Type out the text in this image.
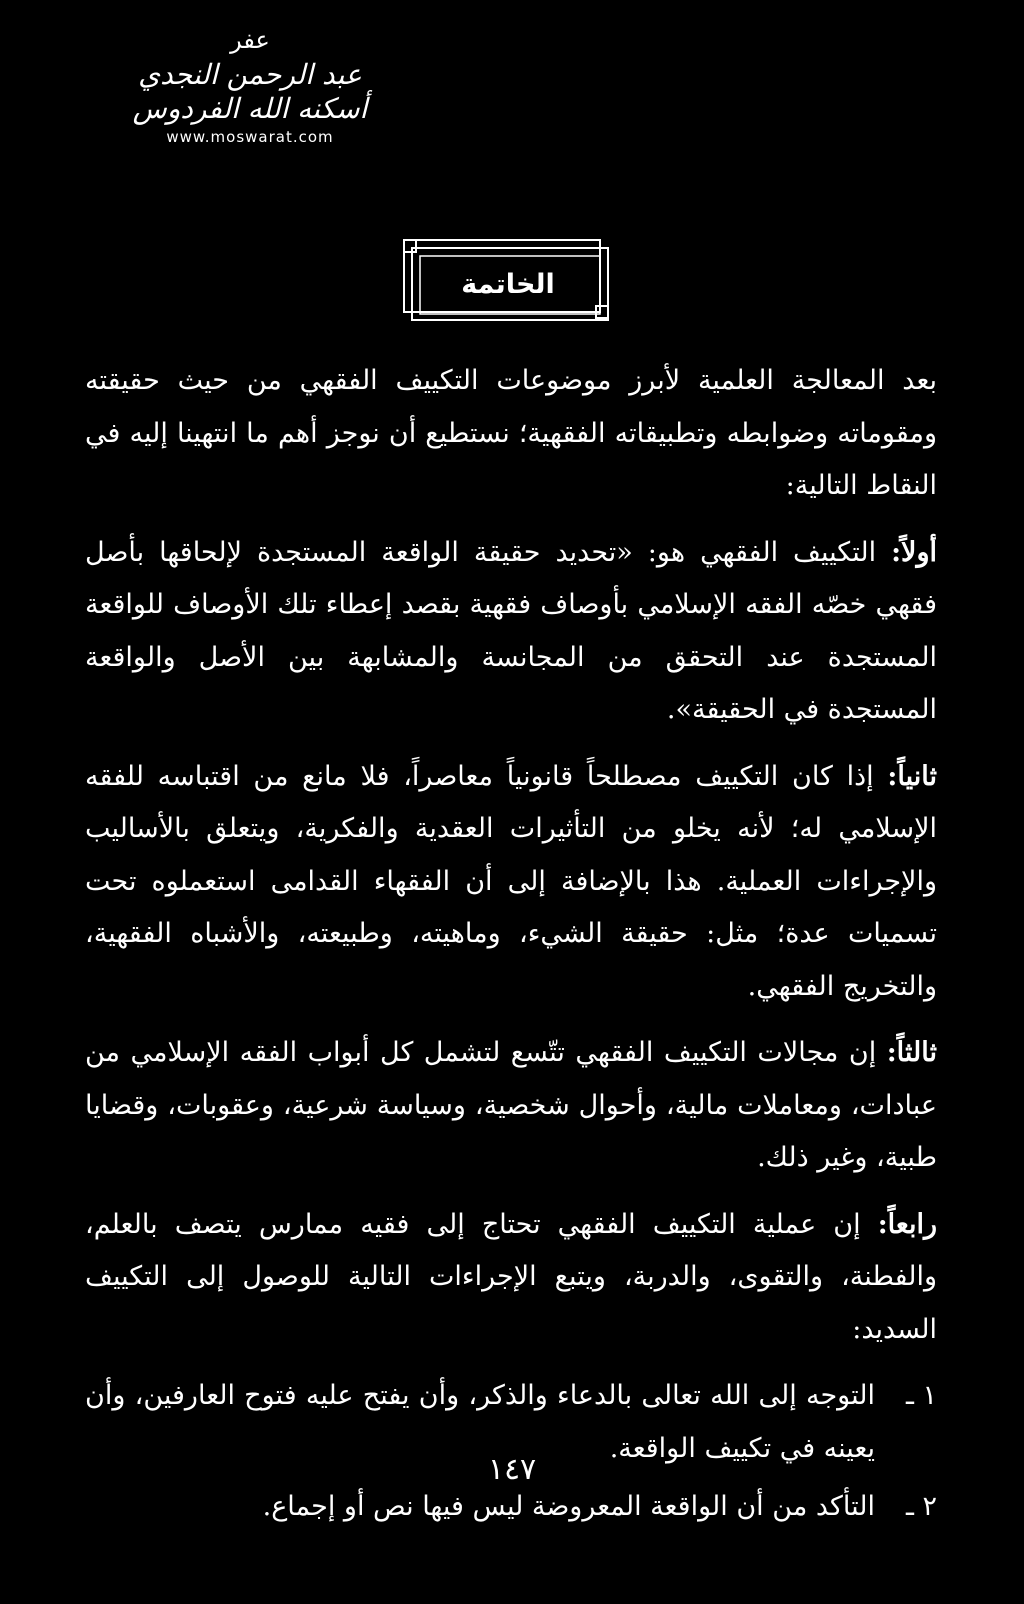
عفر
عبد الرحمن النجدي
أسكنه الله الفردوس
www.moswarat.com
الخاتمة

بعد المعالجة العلمية لأبرز موضوعات التكييف الفقهي من حيث حقيقته ومقوماته وضوابطه وتطبيقاته الفقهية؛ نستطيع أن نوجز أهم ما انتهينا إليه في النقاط التالية:

أولاً: التكييف الفقهي هو: «تحديد حقيقة الواقعة المستجدة لإلحاقها بأصل فقهي خصّه الفقه الإسلامي بأوصاف فقهية بقصد إعطاء تلك الأوصاف للواقعة المستجدة عند التحقق من المجانسة والمشابهة بين الأصل والواقعة المستجدة في الحقيقة».

ثانياً: إذا كان التكييف مصطلحاً قانونياً معاصراً، فلا مانع من اقتباسه للفقه الإسلامي له؛ لأنه يخلو من التأثيرات العقدية والفكرية، ويتعلق بالأساليب والإجراءات العملية. هذا بالإضافة إلى أن الفقهاء القدامى استعملوه تحت تسميات عدة؛ مثل: حقيقة الشيء، وماهيته، وطبيعته، والأشباه الفقهية، والتخريج الفقهي.

ثالثاً: إن مجالات التكييف الفقهي تتّسع لتشمل كل أبواب الفقه الإسلامي من عبادات، ومعاملات مالية، وأحوال شخصية، وسياسة شرعية، وعقوبات، وقضايا طبية، وغير ذلك.

رابعاً: إن عملية التكييف الفقهي تحتاج إلى فقيه ممارس يتصف بالعلم، والفطنة، والتقوى، والدربة، ويتبع الإجراءات التالية للوصول إلى التكييف السديد:

١ ـ
التوجه إلى الله تعالى بالدعاء والذكر، وأن يفتح عليه فتوح العارفين، وأن يعينه في تكييف الواقعة.
٢ ـ
التأكد من أن الواقعة المعروضة ليس فيها نص أو إجماع.
١٤٧
